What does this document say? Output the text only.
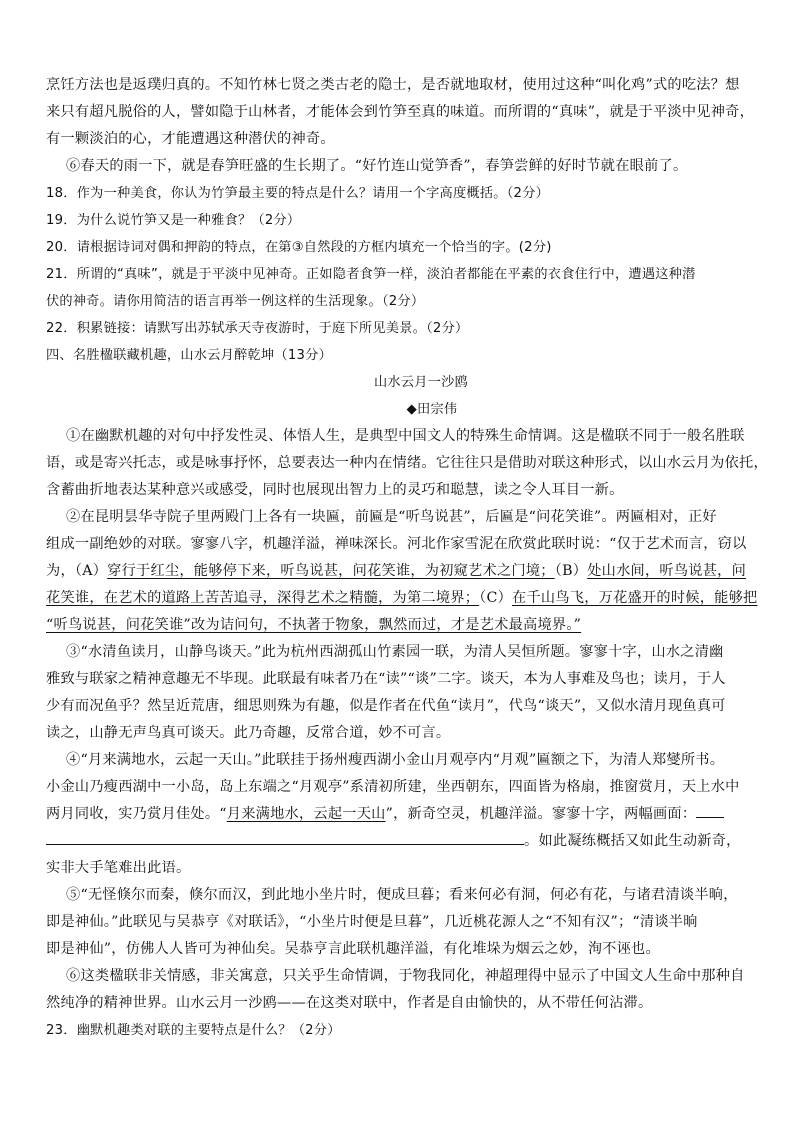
烹饪方法也是返璞归真的。不知竹林七贤之类古老的隐士，是否就地取材，使用过这种“叫化鸡”式的吃法？想
来只有超凡脱俗的人，譬如隐于山林者，才能体会到竹笋至真的味道。而所谓的“真味”，就是于平淡中见神奇，
有一颗淡泊的心，才能遭遇这种潜伏的神奇。
⑥春天的雨一下，就是春笋旺盛的生长期了。“好竹连山觉笋香”，春笋尝鲜的好时节就在眼前了。
18．作为一种美食，你认为竹笋最主要的特点是什么？请用一个字高度概括。（2分）
19．为什么说竹笋又是一种雅食？（2分）
20．请根据诗词对偶和押韵的特点，在第③自然段的方框内填充一个恰当的字。(2分)
21．所谓的“真味”，就是于平淡中见神奇。正如隐者食笋一样，淡泊者都能在平素的衣食住行中，遭遇这种潜
伏的神奇。请你用简洁的语言再举一例这样的生活现象。（2分）
22．积累链接：请默写出苏轼承天寺夜游时，于庭下所见美景。（2分）
四、名胜楹联藏机趣，山水云月醉乾坤（13分）
山水云月一沙鸥
◆田宗伟
①在幽默机趣的对句中抒发性灵、体悟人生，是典型中国文人的特殊生命情调。这是楹联不同于一般名胜联
语，或是寄兴托志，或是咏事抒怀，总要表达一种内在情绪。它往往只是借助对联这种形式，以山水云月为依托，
含蓄曲折地表达某种意兴或感受，同时也展现出智力上的灵巧和聪慧，读之令人耳目一新。
②在昆明昙华寺院子里两殿门上各有一块匾，前匾是“听鸟说甚”，后匾是“问花笑谁”。两匾相对，正好
组成一副绝妙的对联。寥寥八字，机趣洋溢，禅味深长。河北作家雪泥在欣赏此联时说：“仅于艺术而言，窃以
为，（A）穿行于红尘，能够停下来，听鸟说甚，问花笑谁，为初窥艺术之门境；（B）处山水间，听鸟说甚，问
花笑谁，在艺术的道路上苦苦追寻，深得艺术之精髓，为第二境界；（C）在千山鸟飞，万花盛开的时候，能够把
“听鸟说甚，问花笑谁”改为诘问句，不执著于物象，飘然而过，才是艺术最高境界。”
③“水清鱼读月，山静鸟谈天。”此为杭州西湖孤山竹素园一联，为清人吴恒所题。寥寥十字，山水之清幽
雅致与联家之精神意趣无不毕现。此联最有味者乃在“读”“谈”二字。谈天，本为人事难及鸟也；读月，于人
少有而况鱼乎？然呈近荒唐，细思则殊为有趣，似是作者在代鱼“读月”，代鸟“谈天”，又似水清月现鱼真可
读之，山静无声鸟真可谈天。此乃奇趣，反常合道，妙不可言。
④“月来满地水，云起一天山。”此联挂于扬州瘦西湖小金山月观亭内“月观”匾额之下，为清人郑燮所书。
小金山乃瘦西湖中一小岛，岛上东端之“月观亭”系清初所建，坐西朝东，四面皆为格扇，推窗赏月，天上水中
两月同收，实乃赏月佳处。“月来满地水，云起一天山”，新奇空灵，机趣洋溢。寥寥十字，两幅画面：
。如此凝练概括又如此生动新奇，
实非大手笔难出此语。
⑤“无怪倏尔而秦，倏尔而汉，到此地小坐片时，便成旦暮；看来何必有洞，何必有花，与诸君清谈半晌，
即是神仙。”此联见与吴恭亨《对联话》，“小坐片时便是旦暮”，几近桃花源人之“不知有汉”；“清谈半晌
即是神仙”，仿佛人人皆可为神仙矣。吴恭亨言此联机趣洋溢，有化堆垛为烟云之妙，洵不诬也。
⑥这类楹联非关情感，非关寓意，只关乎生命情调，于物我同化，神超理得中显示了中国文人生命中那种自
然纯净的精神世界。山水云月一沙鸥——在这类对联中，作者是自由愉快的，从不带任何沾滞。
23．幽默机趣类对联的主要特点是什么？（2分）
